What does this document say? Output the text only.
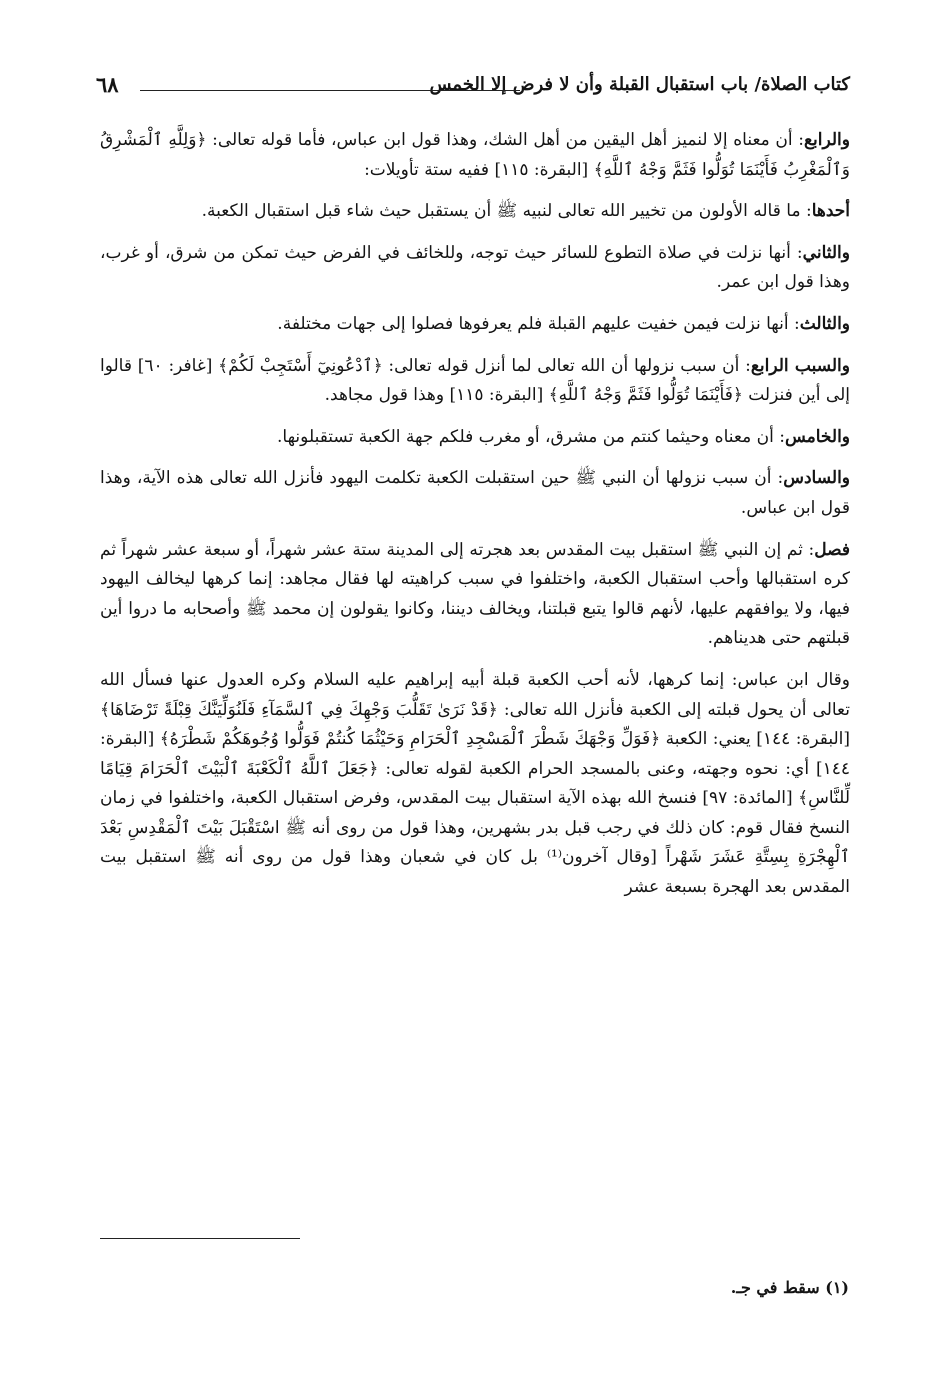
كتاب الصلاة/ باب استقبال القبلة وأن لا فرض إلا الخمس
٦٨

والرابع: أن معناه إلا لنميز أهل اليقين من أهل الشك، وهذا قول ابن عباس، فأما قوله تعالى: ﴿وَلِلَّهِ ٱلْمَشْرِقُ وَٱلْمَغْرِبُ فَأَيْنَمَا تُوَلُّوا فَثَمَّ وَجْهُ ٱللَّهِ﴾ [البقرة: ١١٥] ففيه ستة تأويلات:

أحدها: ما قاله الأولون من تخيير الله تعالى لنبيه ﷺ أن يستقبل حيث شاء قبل استقبال الكعبة.

والثاني: أنها نزلت في صلاة التطوع للسائر حيث توجه، وللخائف في الفرض حيث تمكن من شرق، أو غرب، وهذا قول ابن عمر.

والثالث: أنها نزلت فيمن خفيت عليهم القبلة فلم يعرفوها فصلوا إلى جهات مختلفة.

والسبب الرابع: أن سبب نزولها أن الله تعالى لما أنزل قوله تعالى: ﴿ٱدْعُونِيٓ أَسْتَجِبْ لَكُمْ﴾ [غافر: ٦٠] قالوا إلى أين فنزلت ﴿فَأَيْنَمَا تُوَلُّوا فَثَمَّ وَجْهُ ٱللَّهِ﴾ [البقرة: ١١٥] وهذا قول مجاهد.

والخامس: أن معناه وحيثما كنتم من مشرق، أو مغرب فلكم جهة الكعبة تستقبلونها.

والسادس: أن سبب نزولها أن النبي ﷺ حين استقبلت الكعبة تكلمت اليهود فأنزل الله تعالى هذه الآية، وهذا قول ابن عباس.

فصل: ثم إن النبي ﷺ استقبل بيت المقدس بعد هجرته إلى المدينة ستة عشر شهراً، أو سبعة عشر شهراً ثم كره استقبالها وأحب استقبال الكعبة، واختلفوا في سبب كراهيته لها فقال مجاهد: إنما كرهها ليخالف اليهود فيها، ولا يوافقهم عليها، لأنهم قالوا يتبع قبلتنا، ويخالف ديننا، وكانوا يقولون إن محمد ﷺ وأصحابه ما دروا أين قبلتهم حتى هديناهم.

وقال ابن عباس: إنما كرهها، لأنه أحب الكعبة قبلة أبيه إبراهيم عليه السلام وكره العدول عنها فسأل الله تعالى أن يحول قبلته إلى الكعبة فأنزل الله تعالى: ﴿قَدْ نَرَىٰ تَقَلُّبَ وَجْهِكَ فِي ٱلسَّمَآءِ فَلَنُوَلِّيَنَّكَ قِبْلَةً تَرْضَاهَا﴾ [البقرة: ١٤٤] يعني: الكعبة ﴿فَوَلِّ وَجْهَكَ شَطْرَ ٱلْمَسْجِدِ ٱلْحَرَامِ وَحَيْثُمَا كُنتُمْ فَوَلُّوا وُجُوهَكُمْ شَطْرَهُ﴾ [البقرة: ١٤٤] أي: نحوه وجهته، وعنى بالمسجد الحرام الكعبة لقوله تعالى: ﴿جَعَلَ ٱللَّهُ ٱلْكَعْبَةَ ٱلْبَيْتَ ٱلْحَرَامَ قِيَامًا لِّلنَّاسِ﴾ [المائدة: ٩٧] فنسخ الله بهذه الآية استقبال بيت المقدس، وفرض استقبال الكعبة، واختلفوا في زمان النسخ فقال قوم: كان ذلك في رجب قبل بدر بشهرين، وهذا قول من روى أنه ﷺ اسْتَقْبَلَ بَيْتَ ٱلْمَقْدِسِ بَعْدَ ٱلْهِجْرَةِ بِسِتَّةِ عَشَرَ شَهْراً [وقال آخرون⁽¹⁾ بل كان في شعبان وهذا قول من روى أنه ﷺ استقبل بيت المقدس بعد الهجرة بسبعة عشر

(١) سقط في جـ.
